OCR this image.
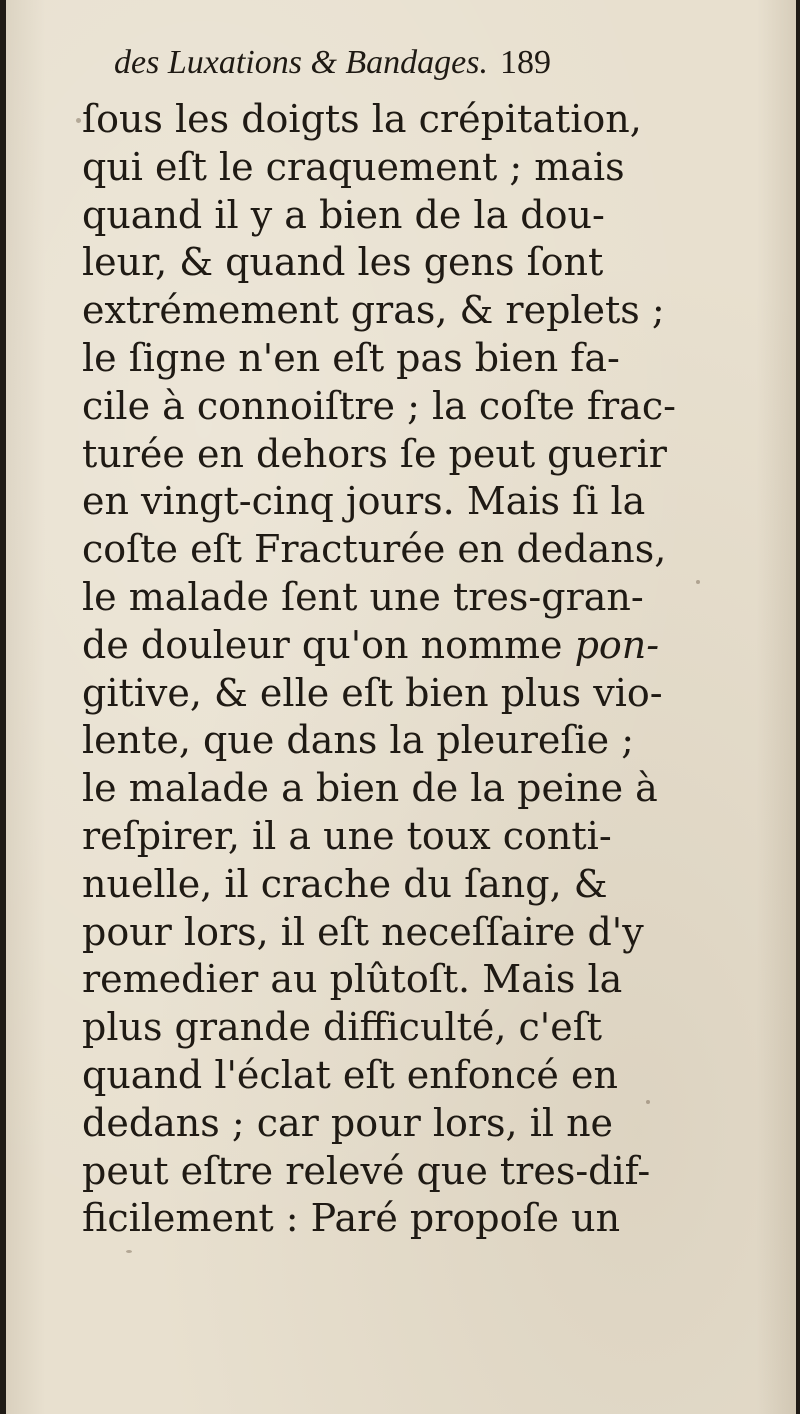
des Luxations & Bandages. 189
ſous les doigts la crépitation,
qui eſt le craquement ; mais
quand il y a bien de la dou-
leur, & quand les gens ſont
extrémement gras, & replets ;
le ſigne n'en eſt pas bien fa-
cile à connoiſtre ; la coſte frac-
turée en dehors ſe peut guerir
en vingt-cinq jours. Mais ſi la
coſte eſt Fracturée en dedans,
le malade ſent une tres-gran-
de douleur qu'on nomme pon-
gitive, & elle eſt bien plus vio-
lente, que dans la pleureſie ;
le malade a bien de la peine à
reſpirer, il a une toux conti-
nuelle, il crache du ſang, &
pour lors, il eſt neceſſaire d'y
remedier au plûtoſt. Mais la
plus grande difficulté, c'eſt
quand l'éclat eſt enfoncé en
dedans ; car pour lors, il ne
peut eſtre relevé que tres-dif-
ficilement : Paré propoſe un
